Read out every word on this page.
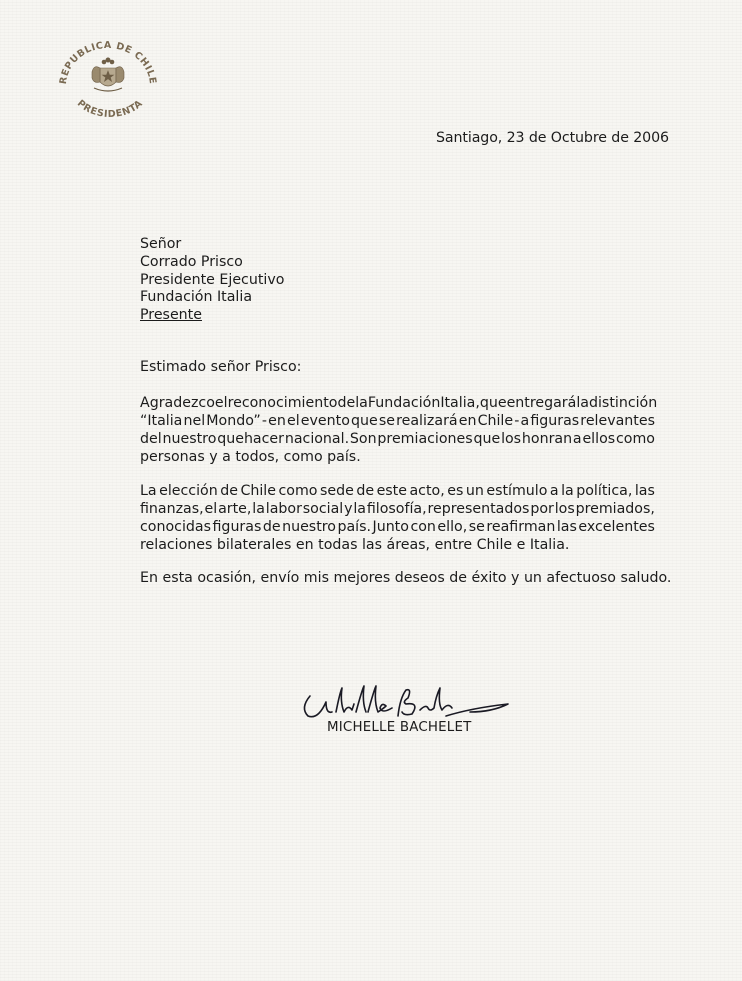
REPUBLICA DE CHILE
PRESIDENTA
Santiago, 23 de Octubre de 2006
Señor
Corrado Prisco
Presidente Ejecutivo
Fundación Italia
Presente
Estimado señor Prisco:
Agradezco el reconocimiento de la Fundación Italia, que entregará la distinción
“Italia nel Mondo” - en el evento que se realizará en Chile - a figuras relevantes
del nuestro quehacer nacional. Son premiaciones que los honran a ellos como
personas y a todos, como país.
La elección de Chile como sede de este acto, es un estímulo a la política, las
finanzas, el arte, la labor social y la filosofía, representados por los premiados,
conocidas figuras de nuestro país. Junto con ello, se reafirman las excelentes
relaciones bilaterales en todas las áreas, entre Chile e Italia.
En esta ocasión, envío mis mejores deseos de éxito y un afectuoso saludo.
MICHELLE BACHELET
